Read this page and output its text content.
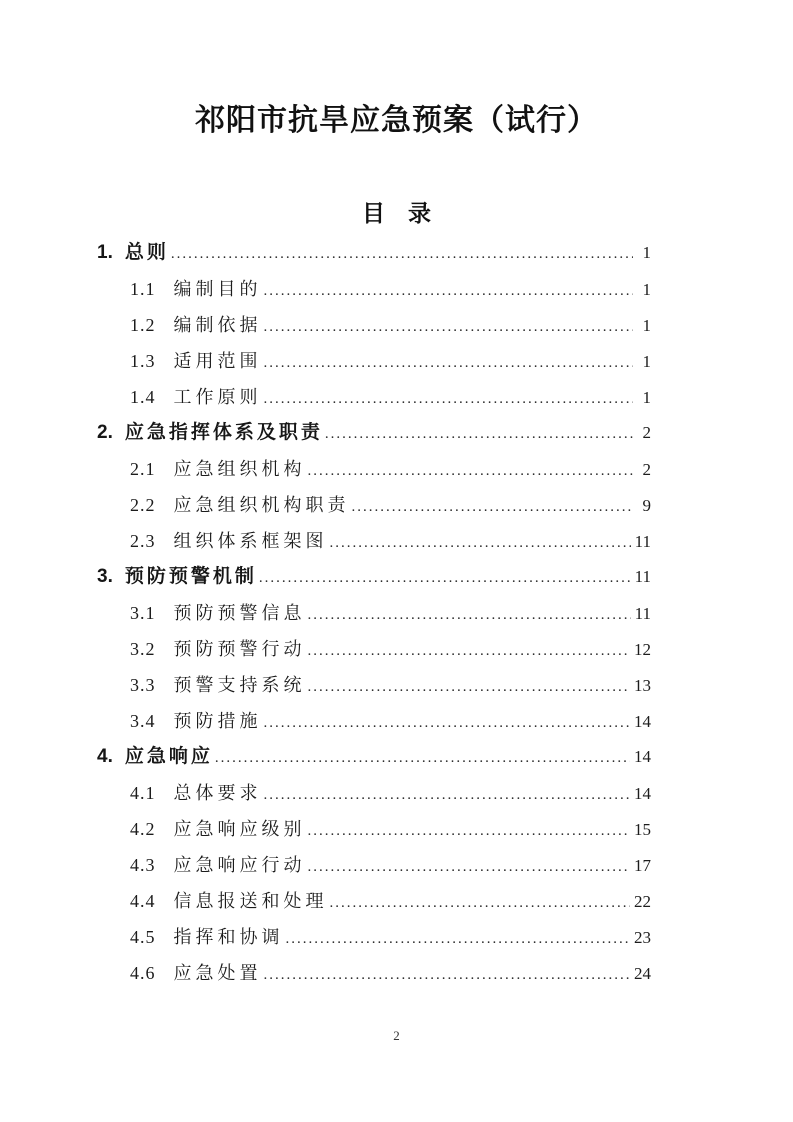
祁阳市抗旱应急预案（试行）
目　录
1. 总则 .....	1
1.1 编制目的 .....	1
1.2 编制依据 .....	1
1.3 适用范围 .....	1
1.4 工作原则 .....	1
2. 应急指挥体系及职责 .....	2
2.1 应急组织机构 .....	2
2.2 应急组织机构职责 .....	9
2.3 组织体系框架图 .....	11
3. 预防预警机制 .....	11
3.1 预防预警信息 .....	11
3.2 预防预警行动 .....	12
3.3 预警支持系统 .....	13
3.4 预防措施 .....	14
4. 应急响应 .....	14
4.1 总体要求 .....	14
4.2 应急响应级别 .....	15
4.3 应急响应行动 .....	17
4.4 信息报送和处理 .....	22
4.5 指挥和协调 .....	23
4.6 应急处置 .....	24
2
